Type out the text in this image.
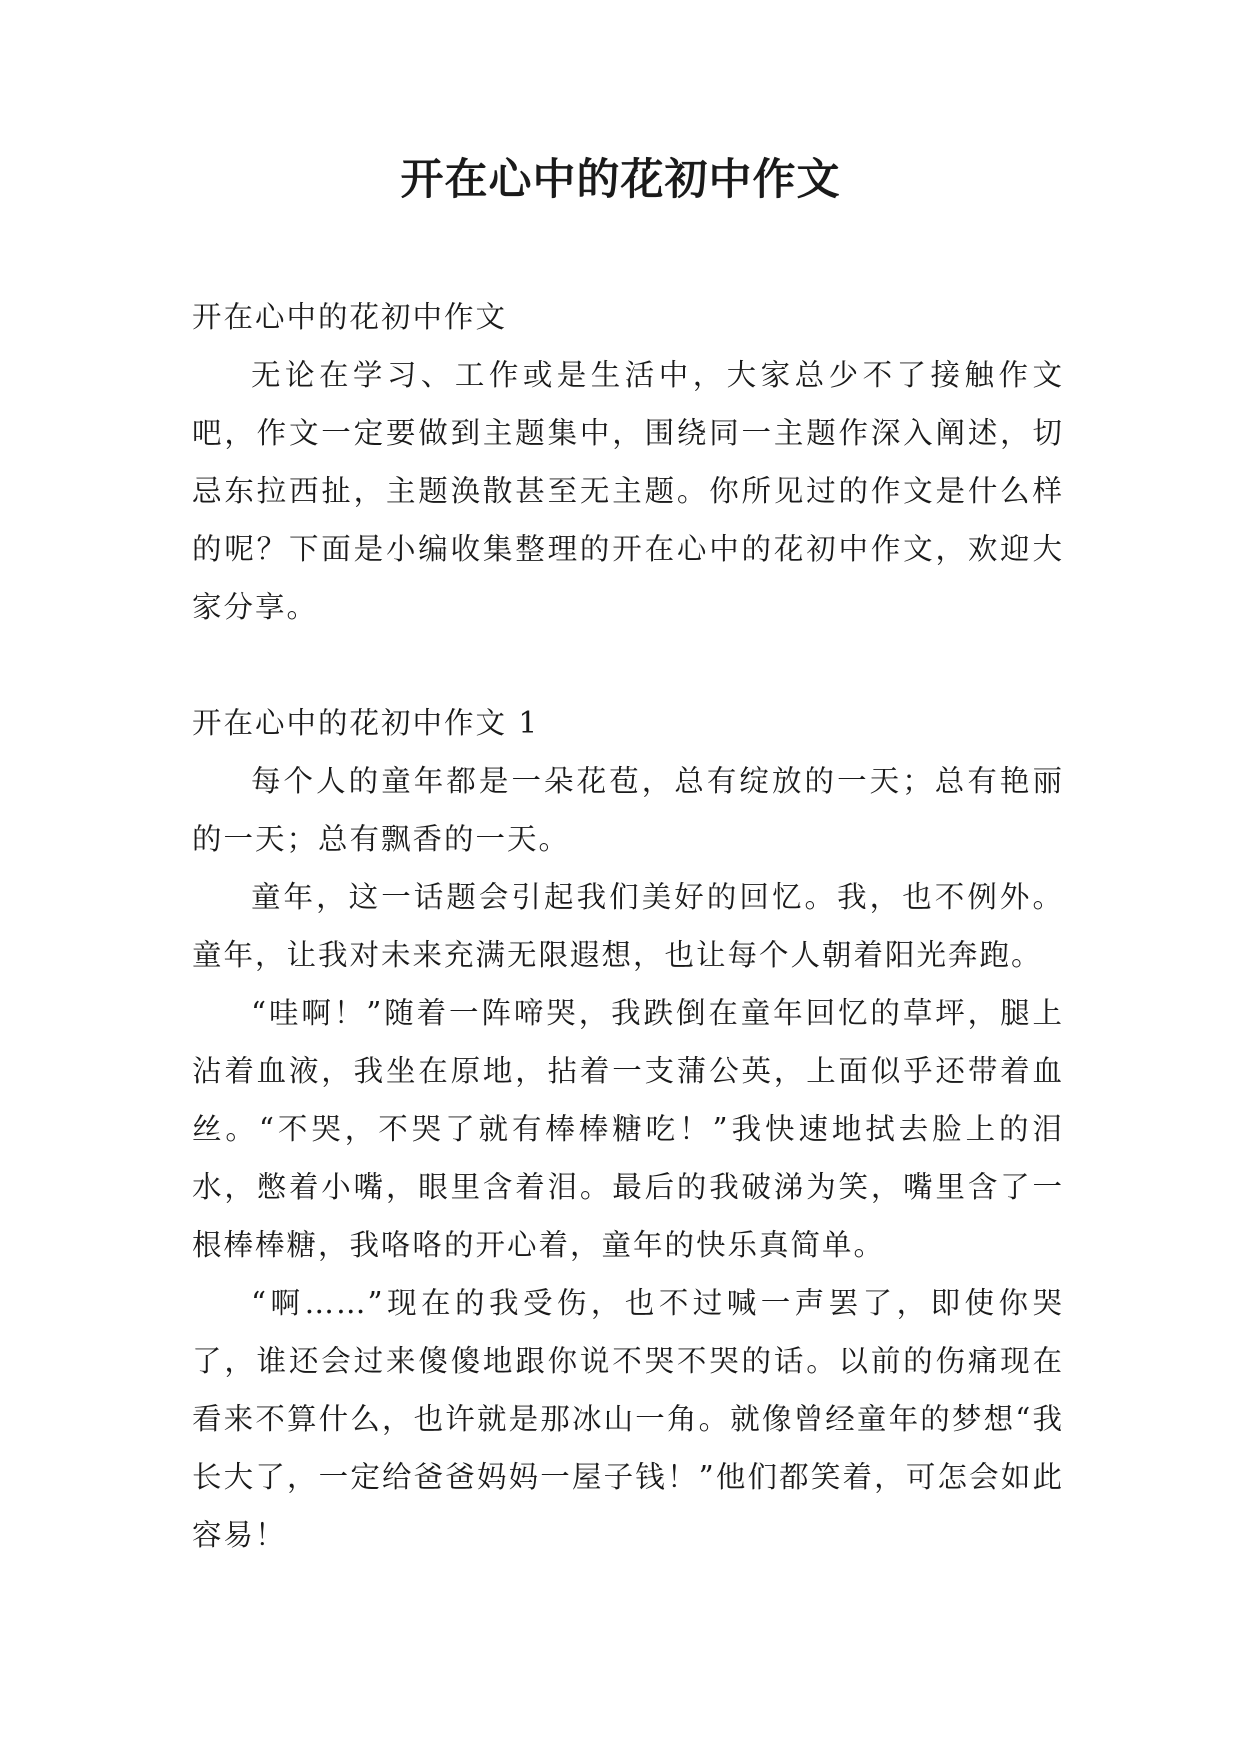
开在心中的花初中作文

开在心中的花初中作文

无论在学习、工作或是生活中，大家总少不了接触作文吧，作文一定要做到主题集中，围绕同一主题作深入阐述，切忌东拉西扯，主题涣散甚至无主题。你所见过的作文是什么样的呢？下面是小编收集整理的开在心中的花初中作文，欢迎大家分享。

开在心中的花初中作文 1

每个人的童年都是一朵花苞，总有绽放的一天；总有艳丽的一天；总有飘香的一天。

童年，这一话题会引起我们美好的回忆。我，也不例外。童年，让我对未来充满无限遐想，也让每个人朝着阳光奔跑。

“哇啊！”随着一阵啼哭，我跌倒在童年回忆的草坪，腿上沾着血液，我坐在原地，拈着一支蒲公英，上面似乎还带着血丝。“不哭，不哭了就有棒棒糖吃！”我快速地拭去脸上的泪水，憋着小嘴，眼里含着泪。最后的我破涕为笑，嘴里含了一根棒棒糖，我咯咯的开心着，童年的快乐真简单。

“啊……”现在的我受伤，也不过喊一声罢了，即使你哭了，谁还会过来傻傻地跟你说不哭不哭的话。以前的伤痛现在看来不算什么，也许就是那冰山一角。就像曾经童年的梦想“我长大了，一定给爸爸妈妈一屋子钱！”他们都笑着，可怎会如此容易！
